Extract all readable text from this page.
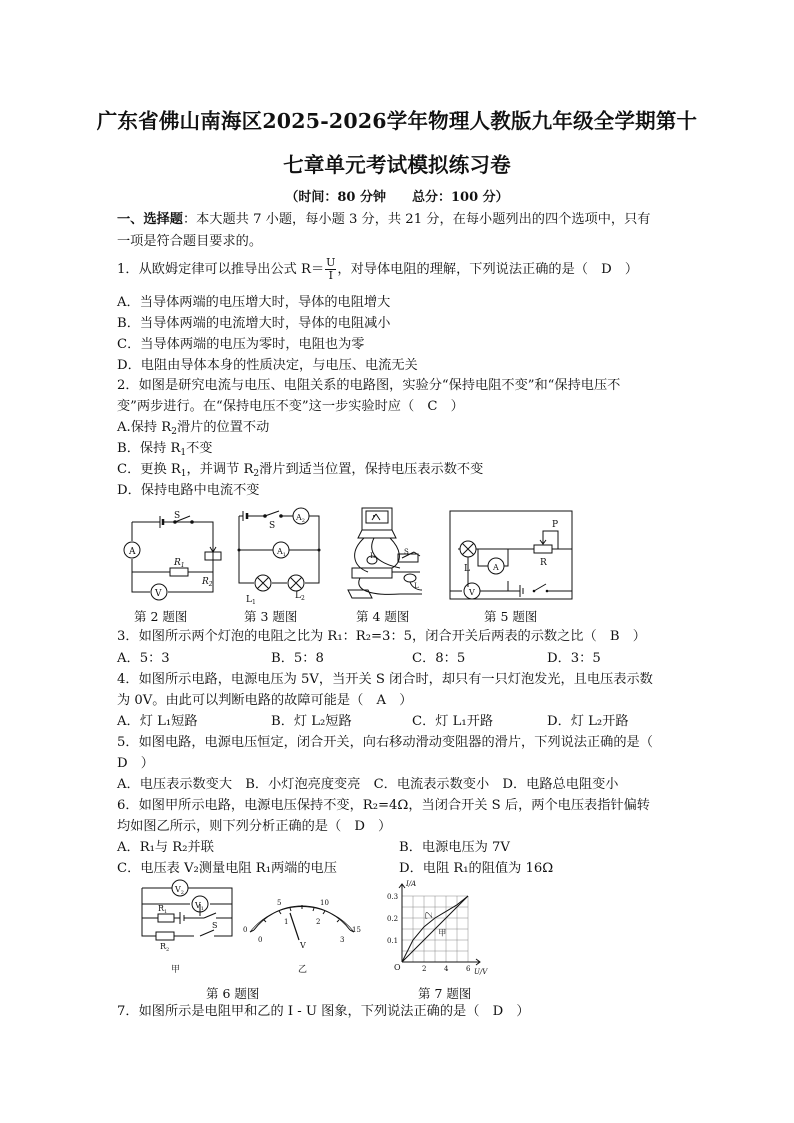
广东省佛山南海区2025-2026学年物理人教版九年级全学期第十
七章单元考试模拟练习卷
（时间：80 分钟　　总分：100 分）
一、选择题：本大题共 7 小题，每小题 3 分，共 21 分，在每小题列出的四个选项中，只有
一项是符合题目要求的。
1．从欧姆定律可以推导出公式 $R= \frac{U}{I}$ ，对导体电阻的理解，下列说法正确的是（　D　）
A．当导体两端的电压增大时，导体的电阻增大
B．当导体两端的电流增大时，导体的电阻减小
C．当导体两端的电压为零时，电阻也为零
D．电阻由导体本身的性质决定，与电压、电流无关
2．如图是研究电流与电压、电阻关系的电路图，实验分“保持电阻不变”和“保持电压不
变”两步进行。在“保持电压不变”这一步实验时应（　C　）
A.保持 $R_2$滑片的位置不动
B．保持 $R_1$不变
C．更换 $R_1$，并调节 $R_2$滑片到适当位置，保持电压表示数不变
D．保持电路中电流不变
S
A
V
$R_1$
$R_2$
S
$A_2$
$A_1$
$L_1$
$L_2$
L	S
L
P
R
L	A
V
第 2 题图	第 3 题图	第 4 题图	第 5 题图
3．如图所示两个灯泡的电阻之比为 R₁：R₂=3：5，闭合开关后两表的示数之比（　B　）
A．5：3	B．5：8	C．8：5	D．3：5
4．如图所示电路，电源电压为 5V，当开关 S 闭合时，却只有一只灯泡发光，且电压表示数
为 0V。由此可以判断电路的故障可能是（　A　）
A．灯 L₁短路	B．灯 L₂短路	C．灯 L₁开路	D．灯 L₂开路
5．如图电路，电源电压恒定，闭合开关，向右移动滑动变阻器的滑片，下列说法正确的是（
D　）
A．电压表示数变大　B．小灯泡亮度变亮　C．电流表示数变小　D．电路总电阻变小
6．如图甲所示电路，电源电压保持不变，R₂=4Ω，当闭合开关 S 后，两个电压表指针偏转
均如图乙所示，则下列分析正确的是（　D　）
A．R₁与 R₂并联	B．电源电压为 7V
C．电压表 V₂测量电阻 R₁两端的电压	D．电阻 R₁的阻值为 16Ω
$V_2$
$V_1$
$R_1$
S
$R_2$
甲
0
5	10
15
0
1	2
3
V
乙	2	4	6
0.1
0.2
0.3
O	U/V
I/A
甲
乙
第 6 题图	第 7 题图
7．如图所示是电阻甲和乙的 I - U 图象，下列说法正确的是（　D　）
